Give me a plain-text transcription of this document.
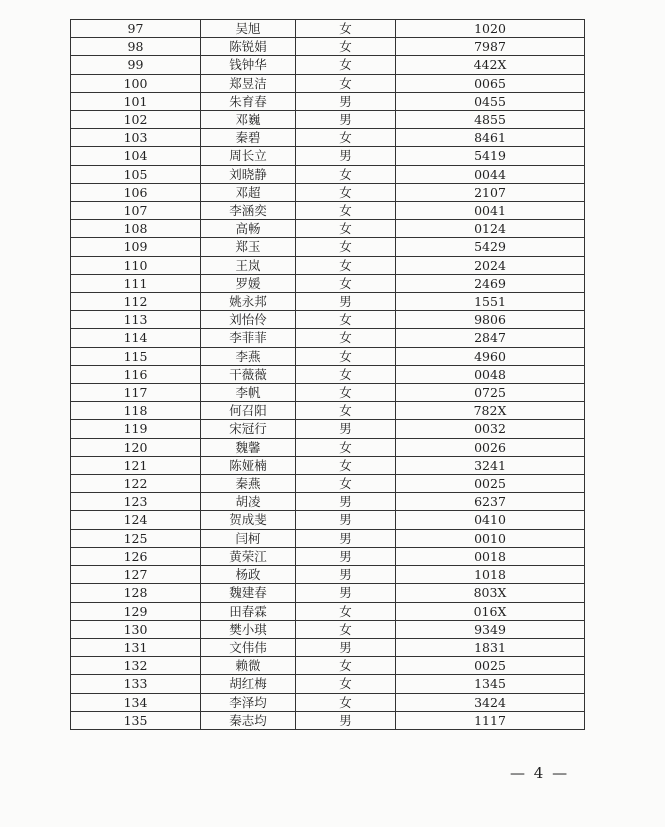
97	吴旭	女	1020
98	陈锐娟	女	7987
99	钱钟华	女	442X
100	郑昱洁	女	0065
101	朱育春	男	0455
102	邓巍	男	4855
103	秦碧	女	8461
104	周长立	男	5419
105	刘晓静	女	0044
106	邓超	女	2107
107	李涵奕	女	0041
108	高畅	女	0124
109	郑玉	女	5429
110	王岚	女	2024
111	罗媛	女	2469
112	姚永邦	男	1551
113	刘怡伶	女	9806
114	李菲菲	女	2847
115	李燕	女	4960
116	干薇薇	女	0048
117	李帆	女	0725
118	何召阳	女	782X
119	宋冠行	男	0032
120	魏馨	女	0026
121	陈娅楠	女	3241
122	秦燕	女	0025
123	胡凌	男	6237
124	贺成斐	男	0410
125	闫柯	男	0010
126	黄荣江	男	0018
127	杨政	男	1018
128	魏建春	男	803X
129	田春霖	女	016X
130	樊小琪	女	9349
131	文伟伟	男	1831
132	赖微	女	0025
133	胡红梅	女	1345
134	李泽均	女	3424
135	秦志均	男	1117
— 4 —
